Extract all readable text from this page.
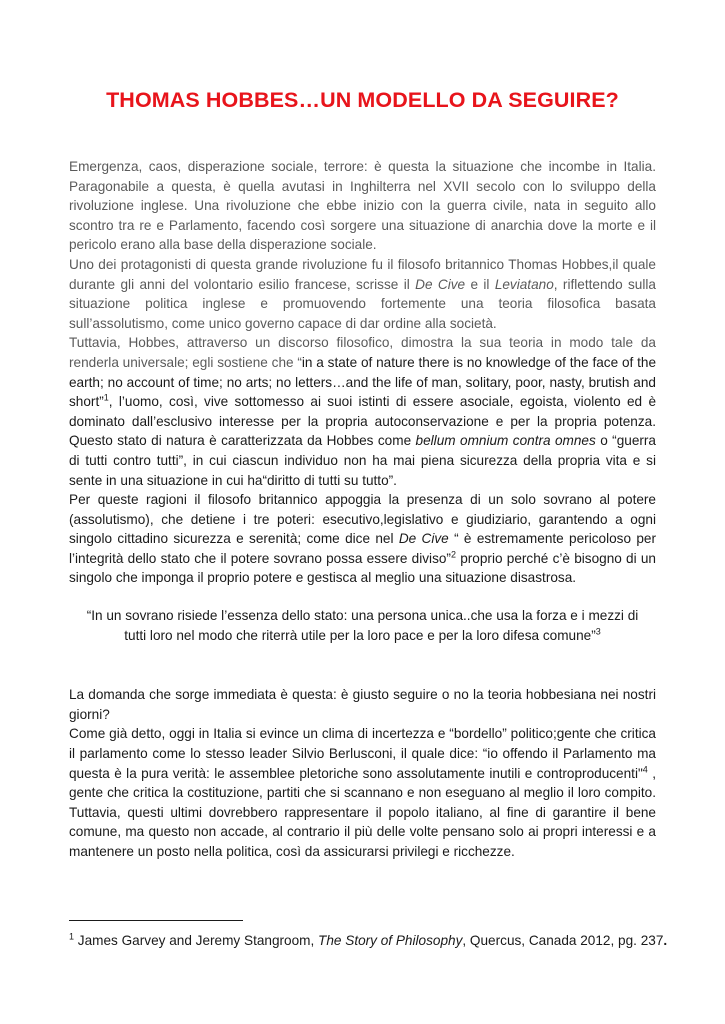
THOMAS HOBBES…UN MODELLO DA SEGUIRE?

Emergenza, caos, disperazione sociale, terrore: è questa la situazione che incombe in Italia. Paragonabile a questa, è quella avutasi in Inghilterra nel XVII secolo con lo sviluppo della rivoluzione inglese. Una rivoluzione che ebbe inizio con la guerra civile, nata in seguito allo scontro tra re e Parlamento, facendo così sorgere una situazione di anarchia dove la morte e il pericolo erano alla base della disperazione sociale.

Uno dei protagonisti di questa grande rivoluzione fu il filosofo britannico Thomas Hobbes,il quale durante gli anni del volontario esilio francese, scrisse il De Cive e il Leviatano, riflettendo sulla situazione politica inglese e promuovendo fortemente una teoria filosofica basata sull’assolutismo, come unico governo capace di dar ordine alla società.

Tuttavia, Hobbes, attraverso un discorso filosofico, dimostra la sua teoria in modo tale da renderla universale; egli sostiene che “in a state of nature there is no knowledge of the face of the earth; no account of time; no arts; no letters…and the life of man, solitary, poor, nasty, brutish and short”$^1$, l’uomo, così, vive sottomesso ai suoi istinti di essere asociale, egoista, violento ed è dominato dall’esclusivo interesse per la propria autoconservazione e per la propria potenza. Questo stato di natura è caratterizzata da Hobbes come bellum omnium contra omnes o “guerra di tutti contro tutti”, in cui ciascun individuo non ha mai piena sicurezza della propria vita e si sente in una situazione in cui ha“diritto di tutti su tutto”.

Per queste ragioni il filosofo britannico appoggia la presenza di un solo sovrano al potere (assolutismo), che detiene i tre poteri: esecutivo,legislativo e giudiziario, garantendo a ogni singolo cittadino sicurezza e serenità; come dice nel De Cive “ è estremamente pericoloso per l’integrità dello stato che il potere sovrano possa essere diviso”$^2$ proprio perché c’è bisogno di un singolo che imponga il proprio potere e gestisca al meglio una situazione disastrosa.

“In un sovrano risiede l’essenza dello stato: una persona unica..che usa la forza e i mezzi di tutti loro nel modo che riterrà utile per la loro pace e per la loro difesa comune”$^3$

La domanda che sorge immediata è questa: è giusto seguire o no la teoria hobbesiana nei nostri giorni?

Come già detto, oggi in Italia si evince un clima di incertezza e “bordello” politico;gente che critica il parlamento come lo stesso leader Silvio Berlusconi, il quale dice: “io offendo il Parlamento ma questa è la pura verità: le assemblee pletoriche sono assolutamente inutili e controproducenti"$^4$ , gente che critica la costituzione, partiti che si scannano e non eseguano al meglio il loro compito. Tuttavia, questi ultimi dovrebbero rappresentare il popolo italiano, al fine di garantire il bene comune, ma questo non accade, al contrario il più delle volte pensano solo ai propri interessi e a mantenere un posto nella politica, così da assicurarsi privilegi e ricchezze.

$^1$ James Garvey and Jeremy Stangroom, The Story of Philosophy, Quercus, Canada 2012, pg. 237.
